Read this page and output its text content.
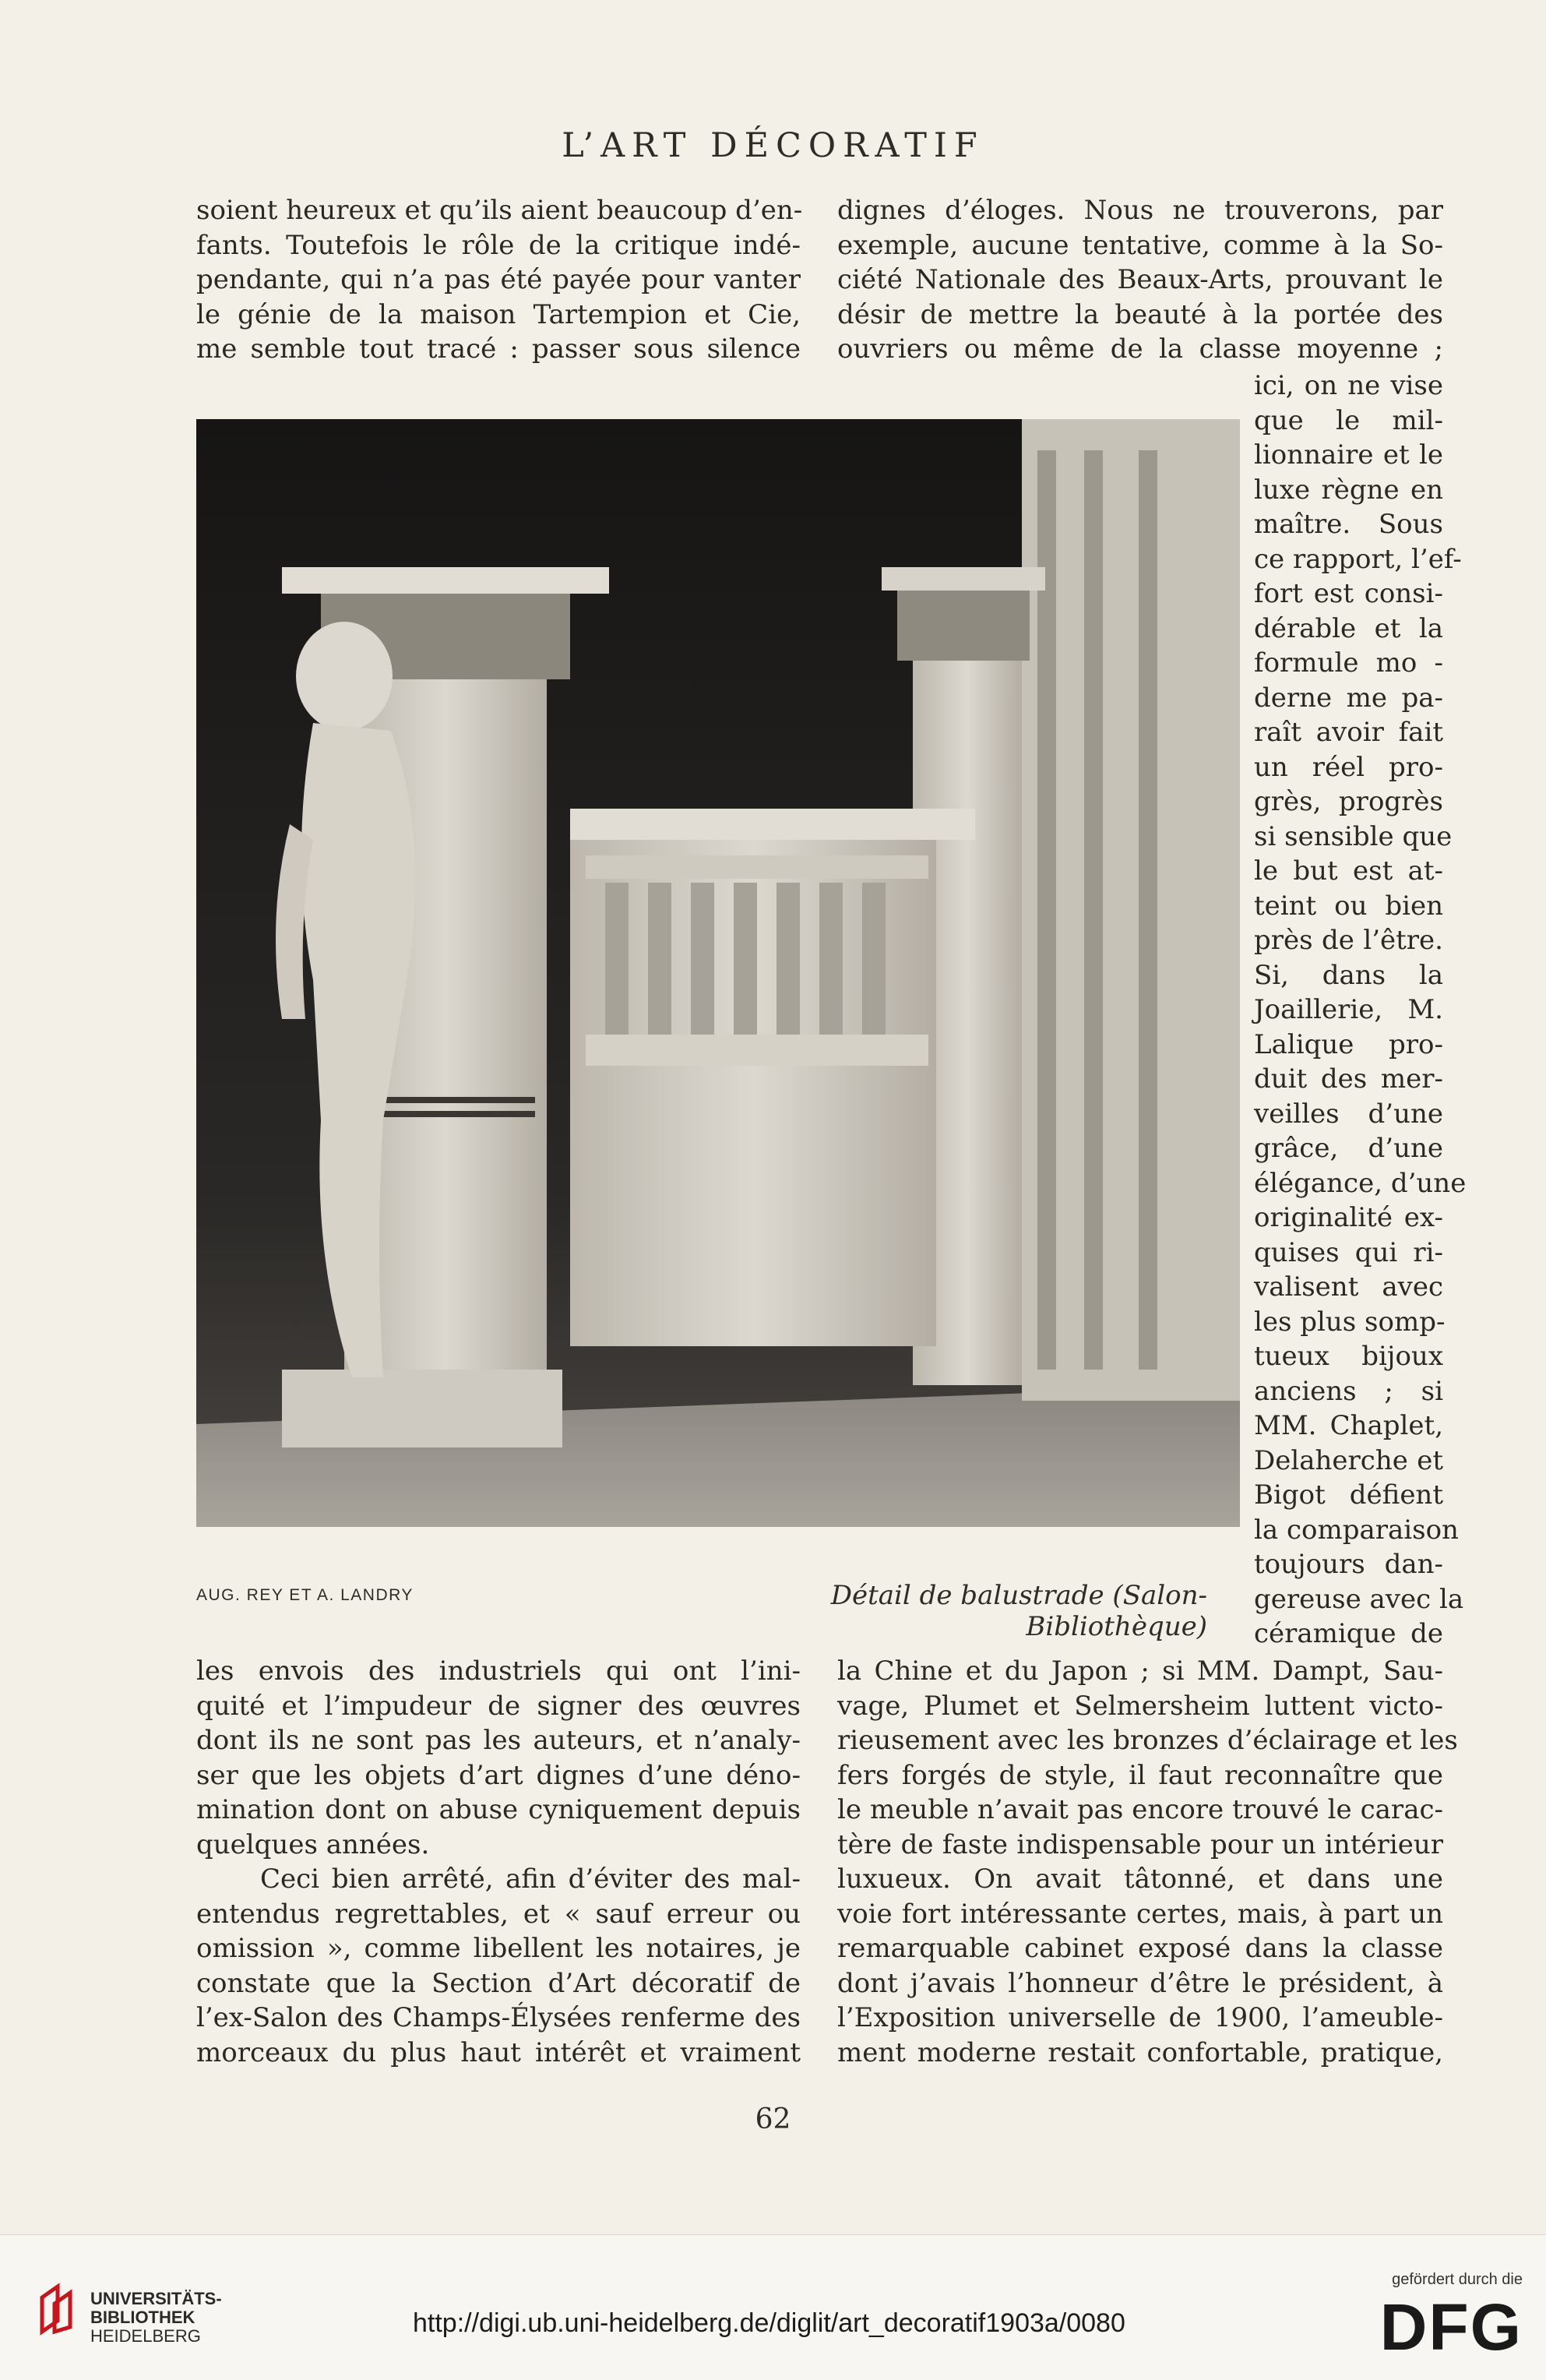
L’ART DÉCORATIF

soient heureux et qu’ils aient beaucoup d’en-
fants. Toutefois le rôle de la critique indé-
pendante, qui n’a pas été payée pour vanter
le génie de la maison Tartempion et Cie,
me semble tout tracé : passer sous silence

dignes d’éloges. Nous ne trouverons, par
exemple, aucune tentative, comme à la So-
ciété Nationale des Beaux-Arts, prouvant le
désir de mettre la beauté à la portée des
ouvriers ou même de la classe moyenne ;

ici, on ne vise
que le mil-
lionnaire et le
luxe règne en
maître. Sous
ce rapport, l’ef-
fort est consi-
dérable et la
formule mo -
derne me pa-
raît avoir fait
un réel pro-
grès, progrès
si sensible que
le but est at-
teint ou bien
près de l’être.
Si, dans la
Joaillerie, M.
Lalique pro-
duit des mer-
veilles d’une
grâce, d’une
élégance, d’une
originalité ex-
quises qui ri-
valisent avec
les plus somp-
tueux bijoux
anciens ; si
MM. Chaplet,
Delaherche et
Bigot défient
la comparaison
toujours dan-
gereuse avec la
céramique de
AUG. REY ET A. LANDRY	Détail de balustrade (Salon-Bibliothèque)

les envois des industriels qui ont l’ini-
quité et l’impudeur de signer des œuvres
dont ils ne sont pas les auteurs, et n’analy-
ser que les objets d’art dignes d’une déno-
mination dont on abuse cyniquement depuis
quelques années.

Ceci bien arrêté, afin d’éviter des mal-
entendus regrettables, et « sauf erreur ou
omission », comme libellent les notaires, je
constate que la Section d’Art décoratif de
l’ex-Salon des Champs-Élysées renferme des
morceaux du plus haut intérêt et vraiment

la Chine et du Japon ; si MM. Dampt, Sau-
vage, Plumet et Selmersheim luttent victo-
rieusement avec les bronzes d’éclairage et les
fers forgés de style, il faut reconnaître que
le meuble n’avait pas encore trouvé le carac-
tère de faste indispensable pour un intérieur
luxueux. On avait tâtonné, et dans une
voie fort intéressante certes, mais, à part un
remarquable cabinet exposé dans la classe
dont j’avais l’honneur d’être le président, à
l’Exposition universelle de 1900, l’ameuble-
ment moderne restait confortable, pratique,

62
UNIVERSITÄTS-
BIBLIOTHEK
HEIDELBERG	http://digi.ub.uni-heidelberg.de/diglit/art_decoratif1903a/0080
gefördert durch die
DFG
